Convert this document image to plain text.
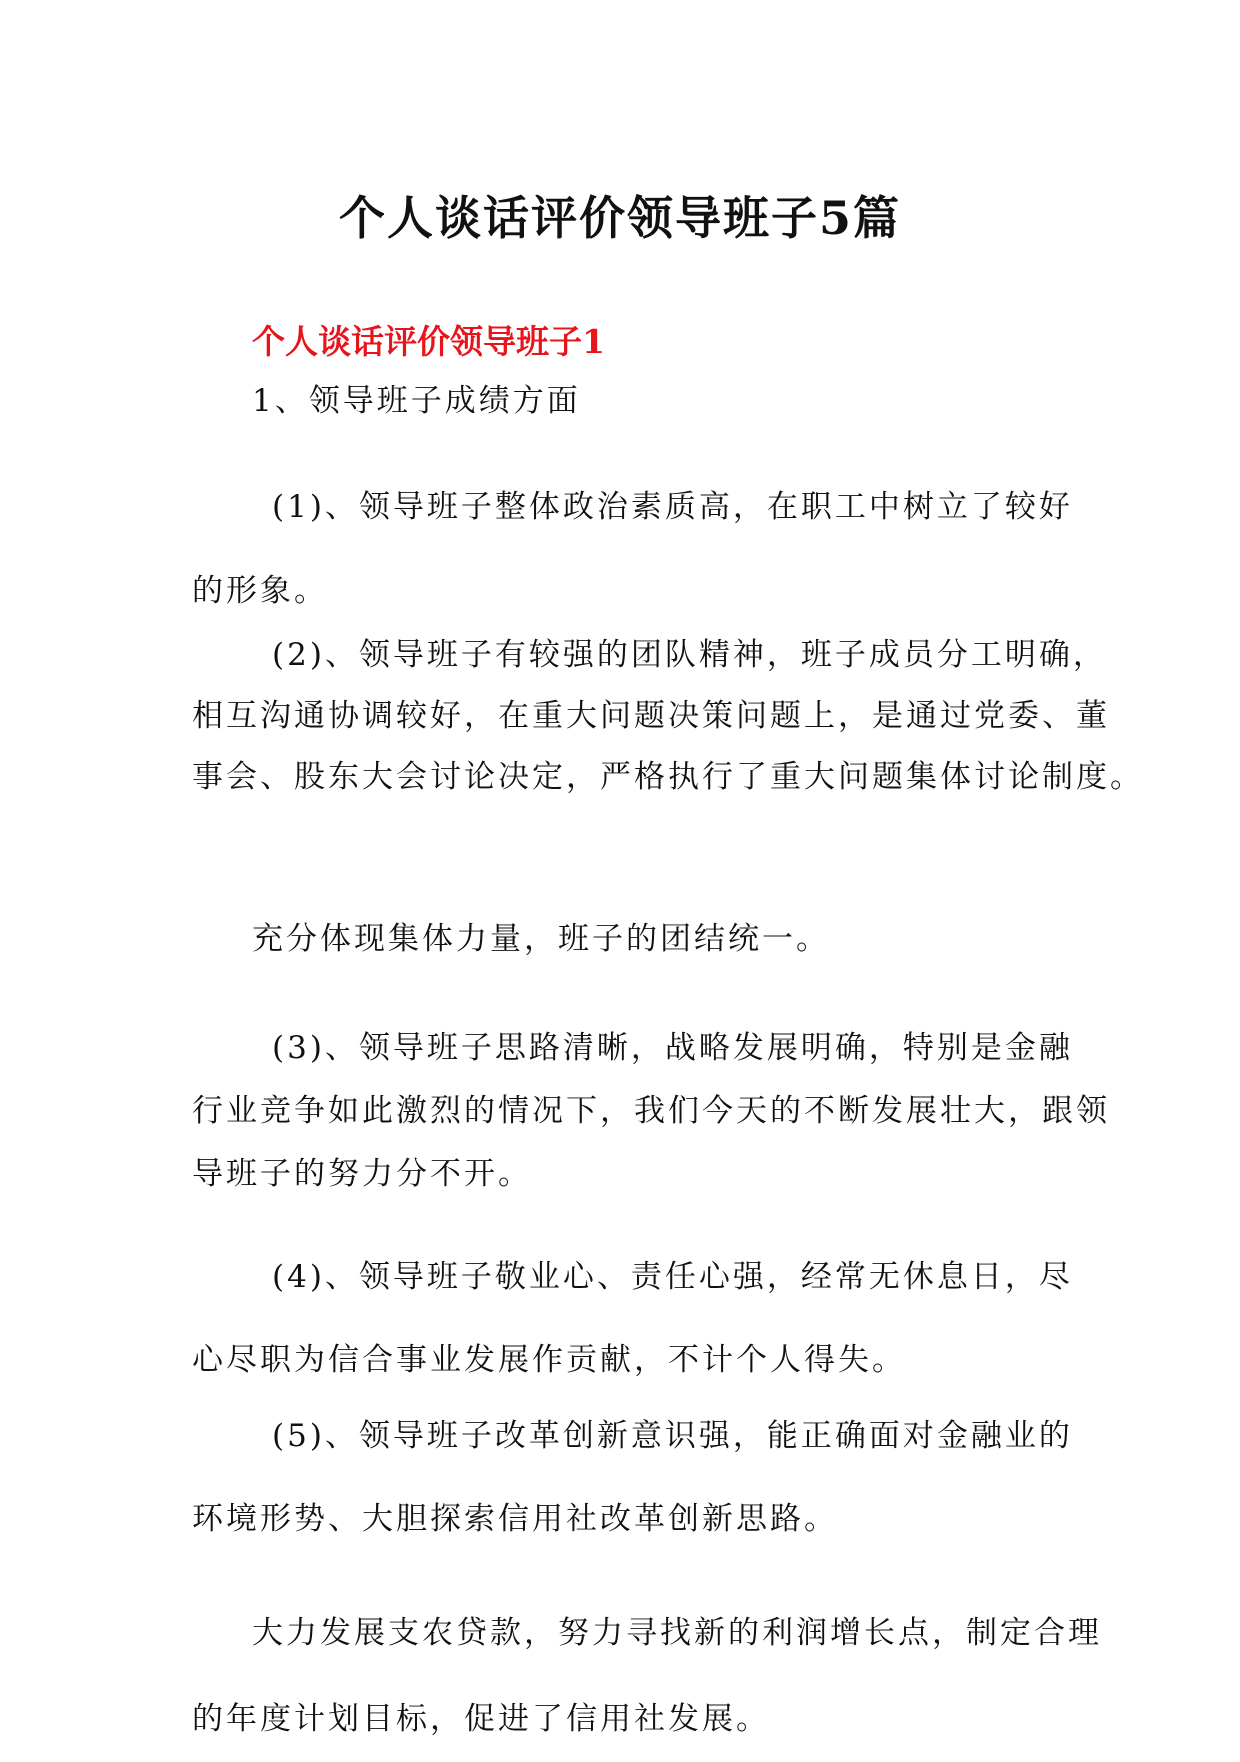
个人谈话评价领导班子5篇
个人谈话评价领导班子1

1、领导班子成绩方面

(1)、领导班子整体政治素质高，在职工中树立了较好
的形象。

(2)、领导班子有较强的团队精神，班子成员分工明确，
相互沟通协调较好，在重大问题决策问题上，是通过党委、董
事会、股东大会讨论决定，严格执行了重大问题集体讨论制度。

充分体现集体力量，班子的团结统一。

(3)、领导班子思路清晰，战略发展明确，特别是金融
行业竞争如此激烈的情况下，我们今天的不断发展壮大，跟领
导班子的努力分不开。

(4)、领导班子敬业心、责任心强，经常无休息日，尽
心尽职为信合事业发展作贡献，不计个人得失。

(5)、领导班子改革创新意识强，能正确面对金融业的
环境形势、大胆探索信用社改革创新思路。

大力发展支农贷款，努力寻找新的利润增长点，制定合理
的年度计划目标，促进了信用社发展。
